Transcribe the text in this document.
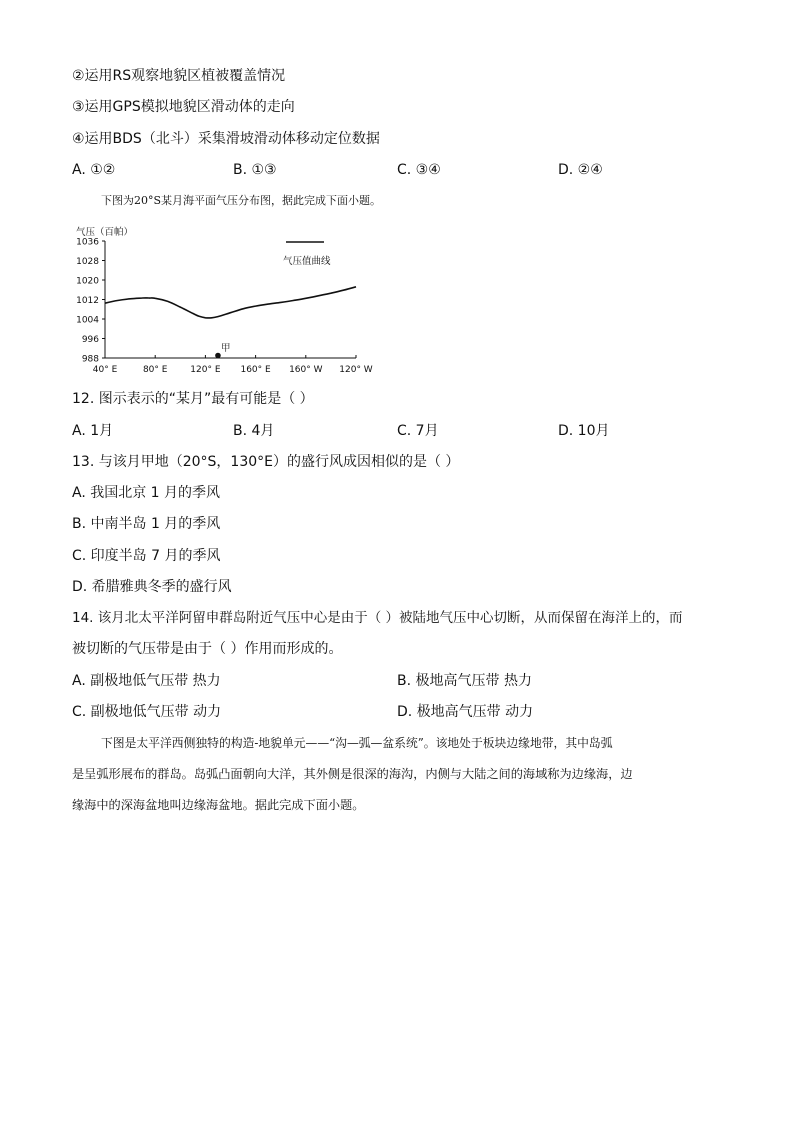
②运用RS观察地貌区植被覆盖情况
③运用GPS模拟地貌区滑动体的走向
④运用BDS（北斗）采集滑坡滑动体移动定位数据
A. ①②	B. ①③	C. ③④	D. ②④
下图为20°S某月海平面气压分布图，据此完成下面小题。
气压（百帕）
1036
1028
1020
1012
1004
996
988
40° E	80° E	120° E 160° E 160° W 120° W
气压值曲线
甲
12. 图示表示的“某月”最有可能是（ ）
A. 1月	B. 4月	C. 7月	D. 10月
13. 与该月甲地（20°S，130°E）的盛行风成因相似的是（ ）
A. 我国北京 1 月的季风
B. 中南半岛 1 月的季风
C. 印度半岛 7 月的季风
D. 希腊雅典冬季的盛行风
14. 该月北太平洋阿留申群岛附近气压中心是由于（ ）被陆地气压中心切断，从而保留在海洋上的，而
被切断的气压带是由于（ ）作用而形成的。
A. 副极地低气压带 热力	B. 极地高气压带 热力
C. 副极地低气压带 动力	D. 极地高气压带 动力
下图是太平洋西侧独特的构造-地貌单元——“沟—弧—盆系统”。该地处于板块边缘地带，其中岛弧
是呈弧形展布的群岛。岛弧凸面朝向大洋，其外侧是很深的海沟，内侧与大陆之间的海域称为边缘海，边
缘海中的深海盆地叫边缘海盆地。据此完成下面小题。
